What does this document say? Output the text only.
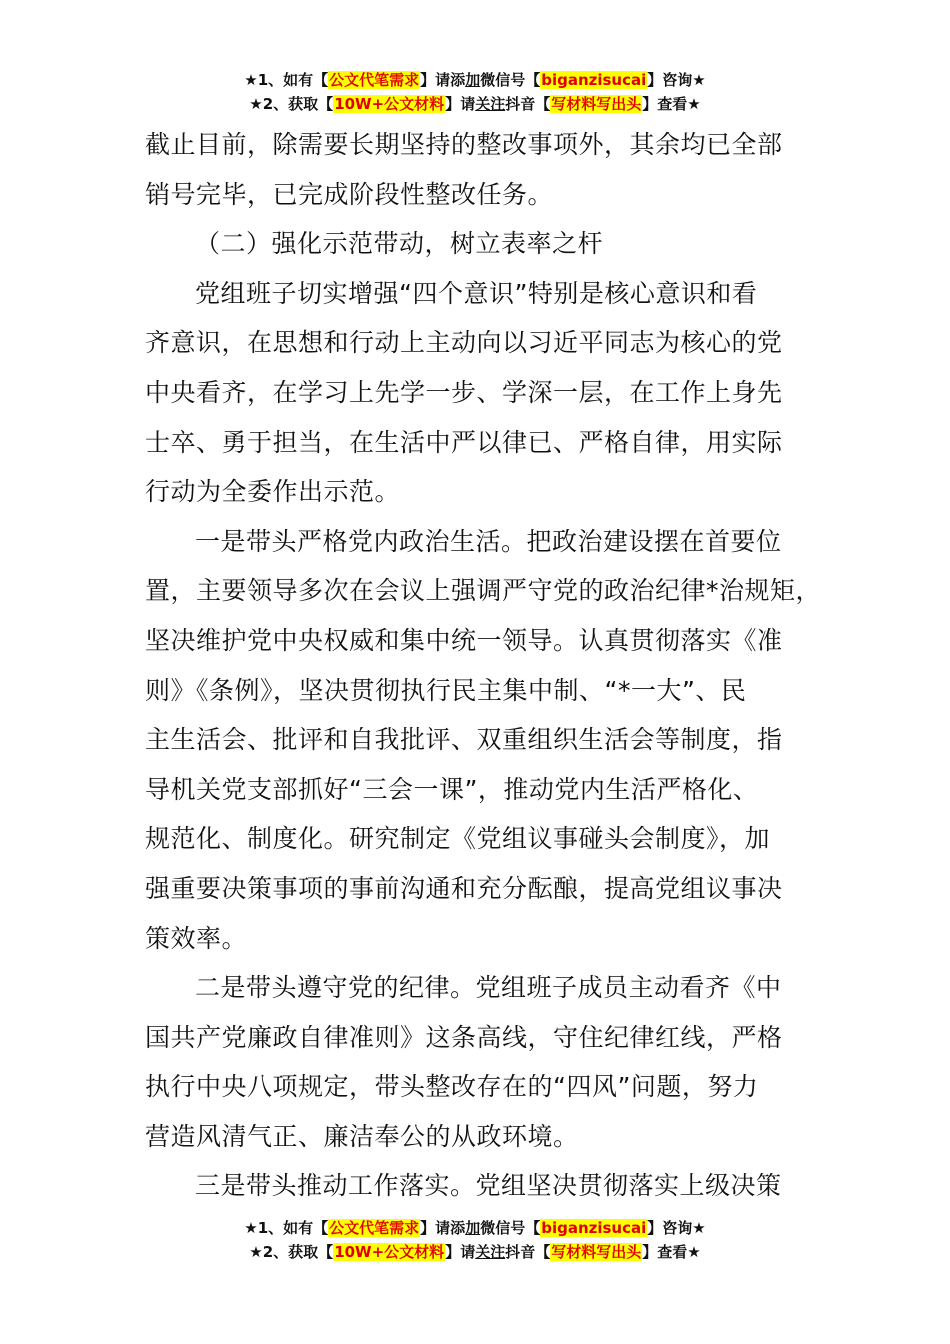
★1、如有【公文代笔需求】请添加微信号【biganzisucai】咨询★
★2、获取【10W+公文材料】请关注抖音【写材料写出头】查看★
截止目前，除需要长期坚持的整改事项外，其余均已全部
销号完毕，已完成阶段性整改任务。
（二）强化示范带动，树立表率之杆
党组班子切实增强“四个意识”特别是核心意识和看
齐意识，在思想和行动上主动向以习近平同志为核心的党
中央看齐，在学习上先学一步、学深一层，在工作上身先
士卒、勇于担当，在生活中严以律已、严格自律，用实际
行动为全委作出示范。
一是带头严格党内政治生活。把政治建设摆在首要位
置，主要领导多次在会议上强调严守党的政治纪律*治规矩，
坚决维护党中央权威和集中统一领导。认真贯彻落实《准
则》《条例》，坚决贯彻执行民主集中制、“*一大”、民
主生活会、批评和自我批评、双重组织生活会等制度，指
导机关党支部抓好“三会一课”，推动党内生活严格化、
规范化、制度化。研究制定《党组议事碰头会制度》，加
强重要决策事项的事前沟通和充分酝酿，提高党组议事决
策效率。
二是带头遵守党的纪律。党组班子成员主动看齐《中
国共产党廉政自律准则》这条高线，守住纪律红线，严格
执行中央八项规定，带头整改存在的“四风”问题，努力
营造风清气正、廉洁奉公的从政环境。
三是带头推动工作落实。党组坚决贯彻落实上级决策
★1、如有【公文代笔需求】请添加微信号【biganzisucai】咨询★
★2、获取【10W+公文材料】请关注抖音【写材料写出头】查看★
